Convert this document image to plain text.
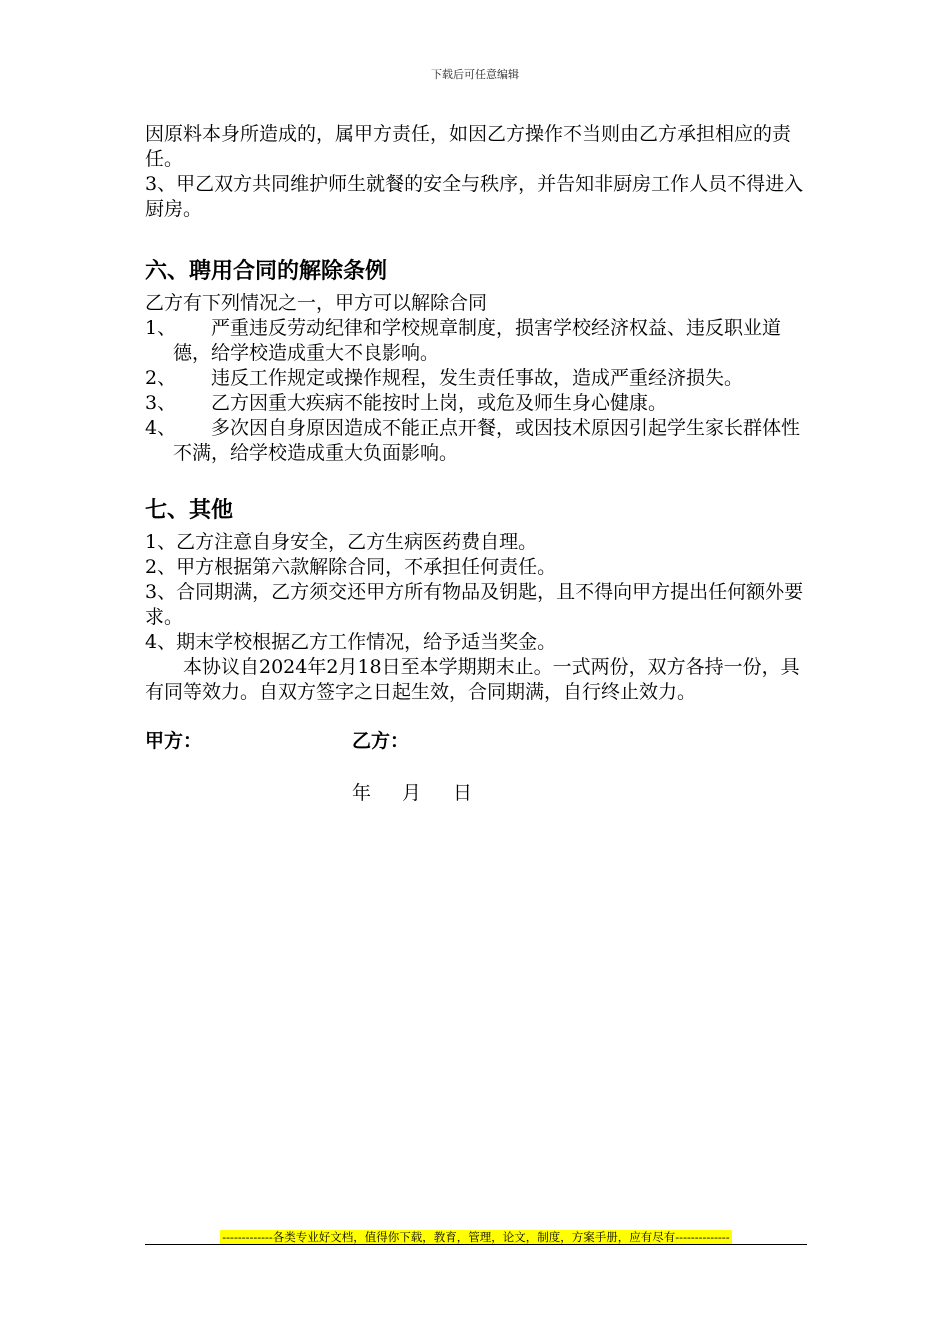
下载后可任意编辑

因原料本身所造成的，属甲方责任，如因乙方操作不当则由乙方承担相应的责任。

3、甲乙双方共同维护师生就餐的安全与秩序，并告知非厨房工作人员不得进入厨房。

六、聘用合同的解除条例

乙方有下列情况之一，甲方可以解除合同

1、	严重违反劳动纪律和学校规章制度，损害学校经济权益、违反职业道德，给学校造成重大不良影响。
2、	违反工作规定或操作规程，发生责任事故，造成严重经济损失。
3、	乙方因重大疾病不能按时上岗，或危及师生身心健康。
4、	多次因自身原因造成不能正点开餐，或因技术原因引起学生家长群体性不满，给学校造成重大负面影响。
七、其他

1、乙方注意自身安全，乙方生病医药费自理。

2、甲方根据第六款解除合同，不承担任何责任。

3、合同期满，乙方须交还甲方所有物品及钥匙，且不得向甲方提出任何额外要求。

4、期末学校根据乙方工作情况，给予适当奖金。

本协议自2024年2月18日至本学期期末止。一式两份，双方各持一份，具有同等效力。自双方签字之日起生效，合同期满，自行终止效力。

甲方：	乙方：
年 月 日
-------------各类专业好文档，值得你下载，教育，管理，论文，制度，方案手册，应有尽有--------------
